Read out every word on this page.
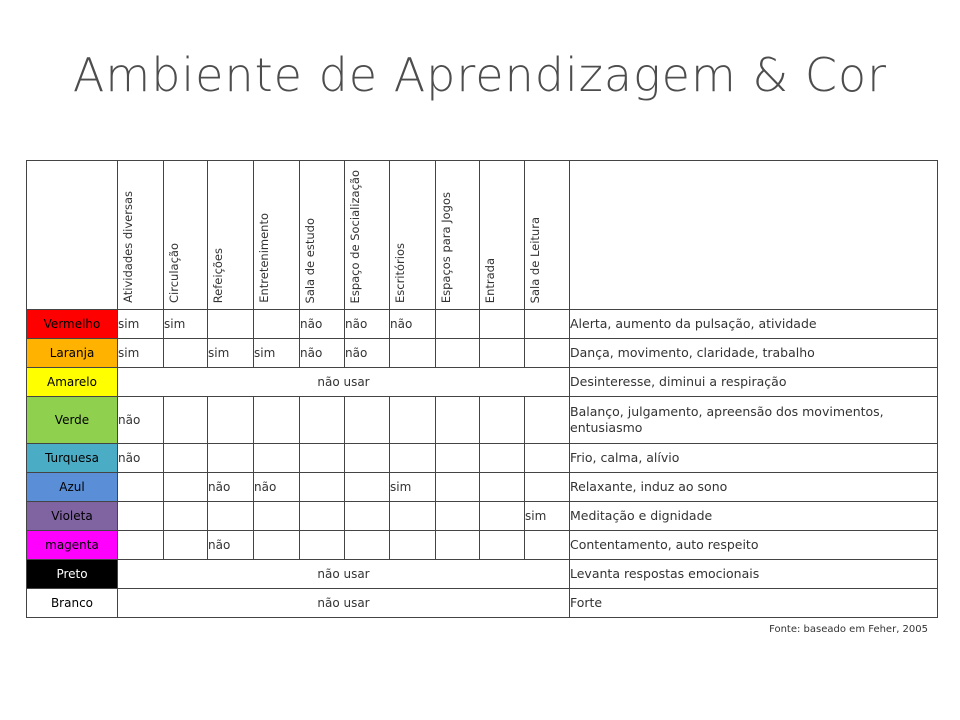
Ambiente de Aprendizagem & Cor

	Atividades diversas	Circulação	Refeições	Entretenimento	Sala de estudo	Espaço de Socialização	Escritórios	Espaços para Jogos	Entrada	Sala de Leitura	

Vermelho	sim	sim			não	não	não				Alerta, aumento da pulsação, atividade
Laranja	sim		sim	sim	não	não					Dança, movimento, claridade, trabalho
Amarelo	não usar										Desinteresse, diminui a respiração
Verde	não										Balanço, julgamento, apreensão dos movimentos, entusiasmo
Turquesa	não										Frio, calma, alívio
Azul			não	não			sim				Relaxante, induz ao sono
Violeta										sim	Meditação e dignidade
magenta			não								Contentamento, auto respeito
Preto	não usar										Levanta respostas emocionais
Branco	não usar										Forte
Fonte: baseado em Feher, 2005
